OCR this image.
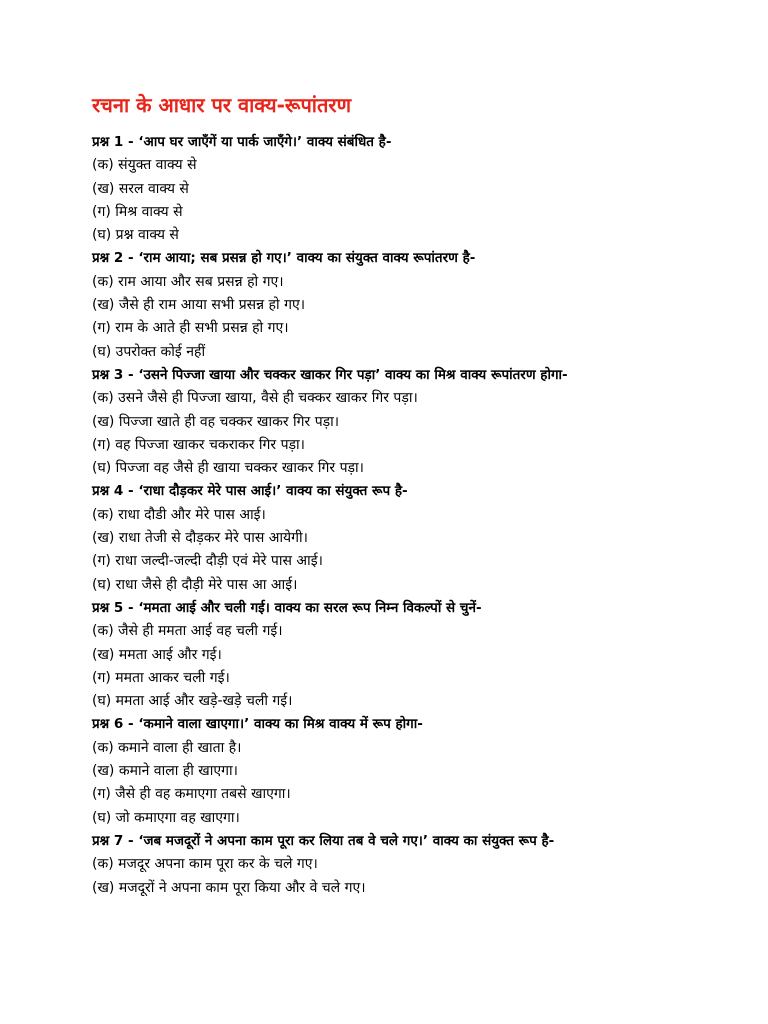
रचना के आधार पर वाक्य-रूपांतरण

प्रश्न 1 - ‘आप घर जाएँगें या पार्क जाएँगे।’ वाक्य संबंधित है-

(क) संयुक्त वाक्य से
(ख) सरल वाक्य से
(ग) मिश्र वाक्य से
(घ) प्रश्न वाक्य से

प्रश्न 2 - ‘राम आया; सब प्रसन्न हो गए।’ वाक्य का संयुक्त वाक्य रूपांतरण है-

(क) राम आया और सब प्रसन्न हो गए।
(ख) जैसे ही राम आया सभी प्रसन्न हो गए।
(ग) राम के आते ही सभी प्रसन्न हो गए।
(घ) उपरोक्त कोई नहीं

प्रश्न 3 - ‘उसने पिज्जा खाया और चक्कर खाकर गिर पड़ा’ वाक्य का मिश्र वाक्य रूपांतरण होगा-

(क) उसने जैसे ही पिज्जा खाया, वैसे ही चक्कर खाकर गिर पड़ा।
(ख) पिज्जा खाते ही वह चक्कर खाकर गिर पड़ा।
(ग) वह पिज्जा खाकर चकराकर गिर पड़ा।
(घ) पिज्जा वह जैसे ही खाया चक्कर खाकर गिर पड़ा।

प्रश्न 4 - ‘राधा दौड़कर मेरे पास आई।’ वाक्य का संयुक्त रूप है-

(क) राधा दौडी और मेरे पास आई।
(ख) राधा तेजी से दौड़कर मेरे पास आयेगी।
(ग) राधा जल्दी-जल्दी दौड़ी एवं मेरे पास आई।
(घ) राधा जैसे ही दौड़ी मेरे पास आ आई।

प्रश्न 5 - ‘ममता आई और चली गई। वाक्य का सरल रूप निम्न विकल्पों से चुनें-

(क) जैसे ही ममता आई वह चली गई।
(ख) ममता आई और गई।
(ग) ममता आकर चली गई।
(घ) ममता आई और खड़े-खड़े चली गई।

प्रश्न 6 - ‘कमाने वाला खाएगा।’ वाक्य का मिश्र वाक्य में रूप होगा-

(क) कमाने वाला ही खाता है।
(ख) कमाने वाला ही खाएगा।
(ग) जैसे ही वह कमाएगा तबसे खाएगा।
(घ) जो कमाएगा वह खाएगा।

प्रश्न 7 - ‘जब मजदूरों ने अपना काम पूरा कर लिया तब वे चले गए।’ वाक्य का संयुक्त रूप है-

(क) मजदूर अपना काम पूरा कर के चले गए।
(ख) मजदूरों ने अपना काम पूरा किया और वे चले गए।
